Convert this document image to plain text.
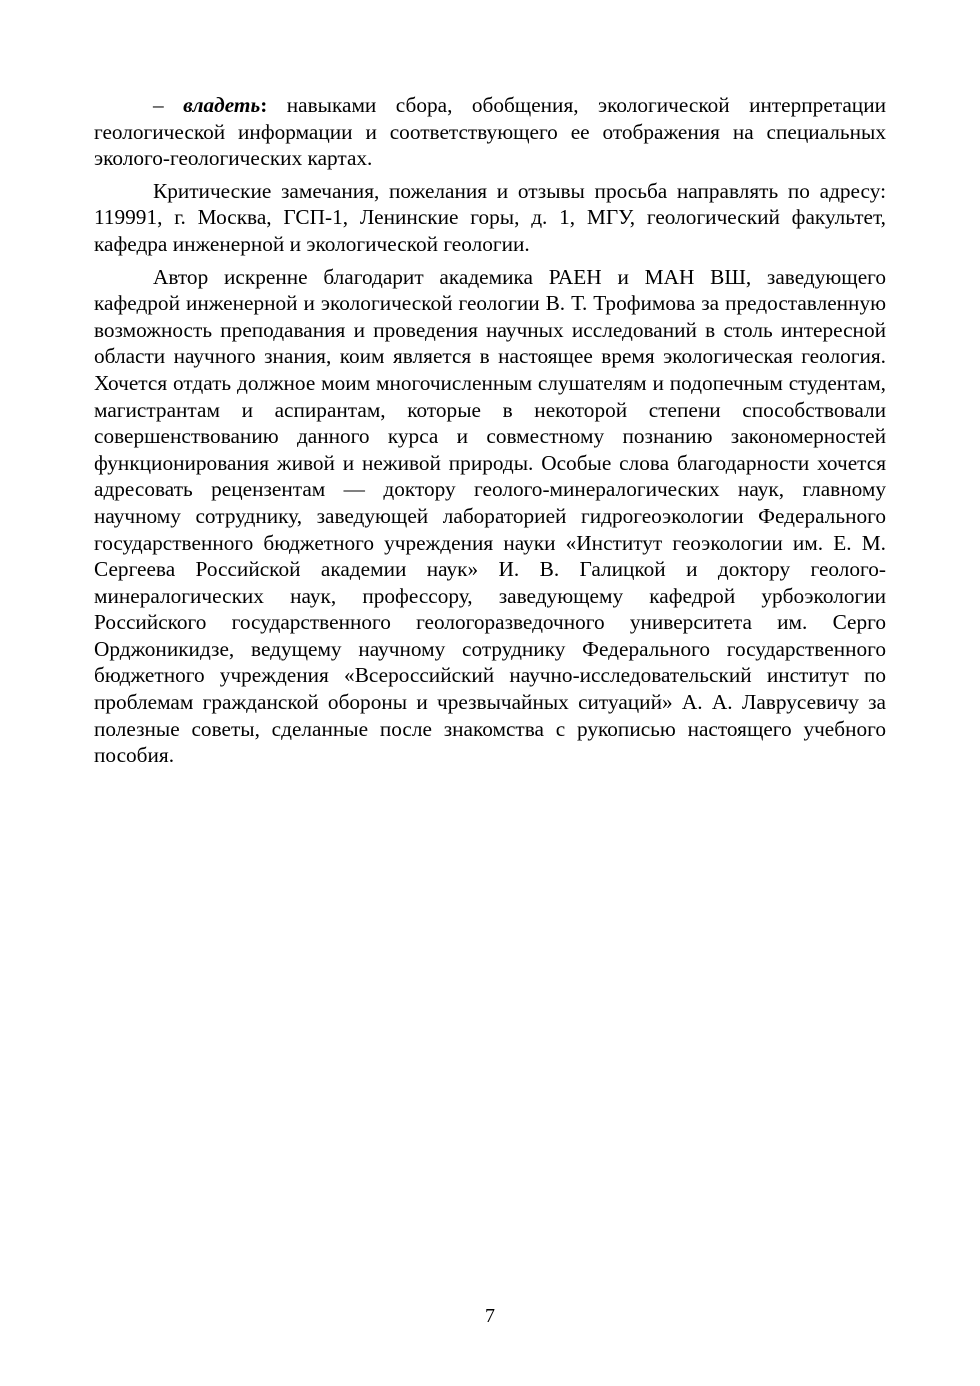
– владеть: навыками сбора, обобщения, экологической интерпретации геологической информации и соответствующего ее отображения на специальных эколого-геологических картах.

Критические замечания, пожелания и отзывы просьба направлять по адресу: 119991, г. Москва, ГСП-1, Ленинские горы, д. 1, МГУ, геологический факультет, кафедра инженерной и экологической геологии.

Автор искренне благодарит академика РАЕН и МАН ВШ, заведующего кафедрой инженерной и экологической геологии В. Т. Трофимова за предоставленную возможность преподавания и проведения научных исследований в столь интересной области научного знания, коим является в настоящее время экологическая геология. Хочется отдать должное моим многочисленным слушателям и подопечным студентам, магистрантам и аспирантам, которые в некоторой степени способствовали совершенствованию данного курса и совместному познанию закономерностей функционирования живой и неживой природы. Особые слова благодарности хочется адресовать рецензентам — доктору геолого-минералогических наук, главному научному сотруднику, заведующей лабораторией гидрогеоэкологии Федерального государственного бюджетного учреждения науки «Институт геоэкологии им. Е. М. Сергеева Российской академии наук» И. В. Галицкой и доктору геолого-минералогических наук, профессору, заведующему кафедрой урбоэкологии Российского государственного геологоразведочного университета им. Серго Орджоникидзе, ведущему научному сотруднику Федерального государственного бюджетного учреждения «Всероссийский научно-исследовательский институт по проблемам гражданской обороны и чрезвычайных ситуаций» А. А. Лаврусевичу за полезные советы, сделанные после знакомства с рукописью настоящего учебного пособия.

7
